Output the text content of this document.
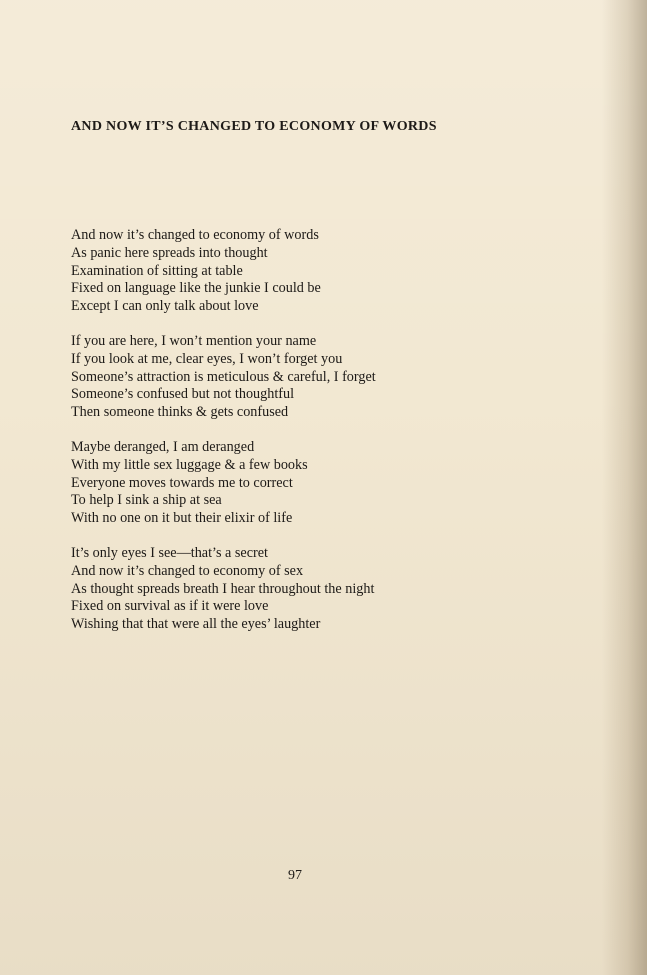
AND NOW IT’S CHANGED TO ECONOMY OF WORDS
And now it’s changed to economy of words
As panic here spreads into thought
Examination of sitting at table
Fixed on language like the junkie I could be
Except I can only talk about love
If you are here, I won’t mention your name
If you look at me, clear eyes, I won’t forget you
Someone’s attraction is meticulous & careful, I forget
Someone’s confused but not thoughtful
Then someone thinks & gets confused
Maybe deranged, I am deranged
With my little sex luggage & a few books
Everyone moves towards me to correct
To help I sink a ship at sea
With no one on it but their elixir of life
It’s only eyes I see—that’s a secret
And now it’s changed to economy of sex
As thought spreads breath I hear throughout the night
Fixed on survival as if it were love
Wishing that that were all the eyes’ laughter
97
